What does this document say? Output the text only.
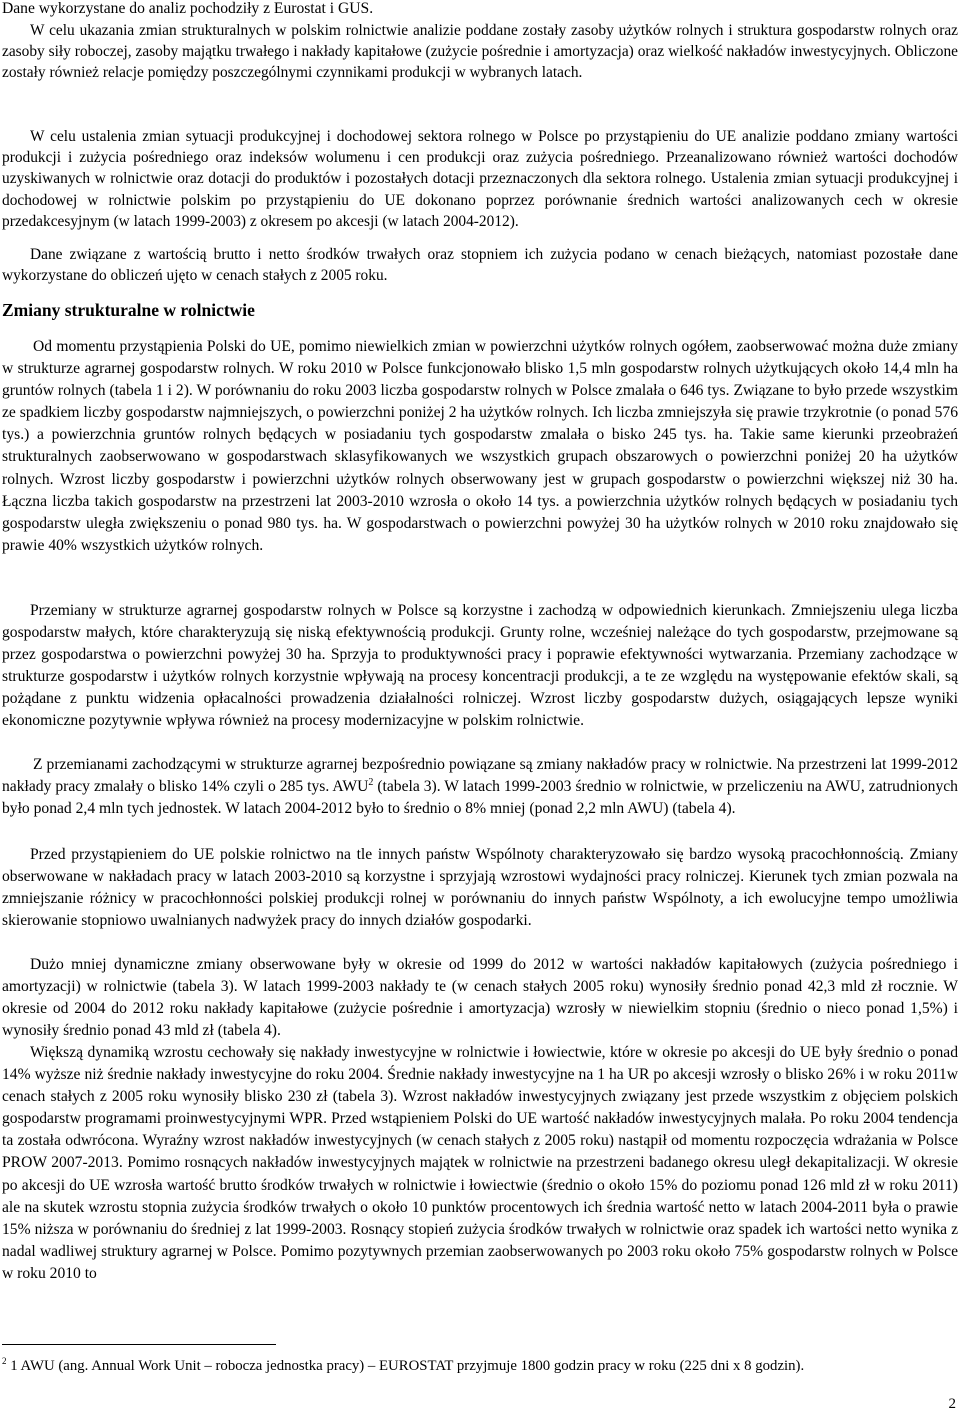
Dane wykorzystane do analiz pochodziły z Eurostat i GUS.

W celu ukazania zmian strukturalnych w polskim rolnictwie analizie poddane zostały zasoby użytków rolnych i struktura gospodarstw rolnych oraz zasoby siły roboczej, zasoby majątku trwałego i nakłady kapitałowe (zużycie pośrednie i amortyzacja) oraz wielkość nakładów inwestycyjnych. Obliczone zostały również relacje pomiędzy poszczególnymi czynnikami produkcji w wybranych latach.

W celu ustalenia zmian sytuacji produkcyjnej i dochodowej sektora rolnego w Polsce po przystąpieniu do UE analizie poddano zmiany wartości produkcji i zużycia pośredniego oraz indeksów wolumenu i cen produkcji oraz zużycia pośredniego. Przeanalizowano również wartości dochodów uzyskiwanych w rolnictwie oraz dotacji do produktów i pozostałych dotacji przeznaczonych dla sektora rolnego. Ustalenia zmian sytuacji produkcyjnej i dochodowej w rolnictwie polskim po przystąpieniu do UE dokonano poprzez porównanie średnich wartości analizowanych cech w okresie przedakcesyjnym (w latach 1999-2003) z okresem po akcesji (w latach 2004-2012).

Dane związane z wartością brutto i netto środków trwałych oraz stopniem ich zużycia podano w cenach bieżących, natomiast pozostałe dane wykorzystane do obliczeń ujęto w cenach stałych z 2005 roku.

Zmiany strukturalne w rolnictwie

Od momentu przystąpienia Polski do UE, pomimo niewielkich zmian w powierzchni użytków rolnych ogółem, zaobserwować można duże zmiany w strukturze agrarnej gospodarstw rolnych. W roku 2010 w Polsce funkcjonowało blisko 1,5 mln gospodarstw rolnych użytkujących około 14,4 mln ha gruntów rolnych (tabela 1 i 2). W porównaniu do roku 2003 liczba gospodarstw rolnych w Polsce zmalała o 646 tys. Związane to było przede wszystkim ze spadkiem liczby gospodarstw najmniejszych, o powierzchni poniżej 2 ha użytków rolnych. Ich liczba zmniejszyła się prawie trzykrotnie (o ponad 576 tys.) a powierzchnia gruntów rolnych będących w posiadaniu tych gospodarstw zmalała o bisko 245 tys. ha. Takie same kierunki przeobrażeń strukturalnych zaobserwowano w gospodarstwach sklasyfikowanych we wszystkich grupach obszarowych o powierzchni poniżej 20 ha użytków rolnych. Wzrost liczby gospodarstw i powierzchni użytków rolnych obserwowany jest w grupach gospodarstw o powierzchni większej niż 30 ha. Łączna liczba takich gospodarstw na przestrzeni lat 2003-2010 wzrosła o około 14 tys. a powierzchnia użytków rolnych będących w posiadaniu tych gospodarstw uległa zwiększeniu o ponad 980 tys. ha. W gospodarstwach o powierzchni powyżej 30 ha użytków rolnych w 2010 roku znajdowało się prawie 40% wszystkich użytków rolnych.

Przemiany w strukturze agrarnej gospodarstw rolnych w Polsce są korzystne i zachodzą w odpowiednich kierunkach. Zmniejszeniu ulega liczba gospodarstw małych, które charakteryzują się niską efektywnością produkcji. Grunty rolne, wcześniej należące do tych gospodarstw, przejmowane są przez gospodarstwa o powierzchni powyżej 30 ha. Sprzyja to produktywności pracy i poprawie efektywności wytwarzania. Przemiany zachodzące w strukturze gospodarstw i użytków rolnych korzystnie wpływają na procesy koncentracji produkcji, a te ze względu na występowanie efektów skali, są pożądane z punktu widzenia opłacalności prowadzenia działalności rolniczej. Wzrost liczby gospodarstw dużych, osiągających lepsze wyniki ekonomiczne pozytywnie wpływa również na procesy modernizacyjne w polskim rolnictwie.

Z przemianami zachodzącymi w strukturze agrarnej bezpośrednio powiązane są zmiany nakładów pracy w rolnictwie. Na przestrzeni lat 1999-2012 nakłady pracy zmalały o blisko 14% czyli o 285 tys. AWU$^2$ (tabela 3). W latach 1999-2003 średnio w rolnictwie, w przeliczeniu na AWU, zatrudnionych było ponad 2,4 mln tych jednostek. W latach 2004-2012 było to średnio o 8% mniej (ponad 2,2 mln AWU) (tabela 4).

Przed przystąpieniem do UE polskie rolnictwo na tle innych państw Wspólnoty charakteryzowało się bardzo wysoką pracochłonnością. Zmiany obserwowane w nakładach pracy w latach 2003-2010 są korzystne i sprzyjają wzrostowi wydajności pracy rolniczej. Kierunek tych zmian pozwala na zmniejszanie różnicy w pracochłonności polskiej produkcji rolnej w porównaniu do innych państw Wspólnoty, a ich ewolucyjne tempo umożliwia skierowanie stopniowo uwalnianych nadwyżek pracy do innych działów gospodarki.

Dużo mniej dynamiczne zmiany obserwowane były w okresie od 1999 do 2012 w wartości nakładów kapitałowych (zużycia pośredniego i amortyzacji) w rolnictwie (tabela 3). W latach 1999-2003 nakłady te (w cenach stałych 2005 roku) wynosiły średnio ponad 42,3 mld zł rocznie. W okresie od 2004 do 2012 roku nakłady kapitałowe (zużycie pośrednie i amortyzacja) wzrosły w niewielkim stopniu (średnio o nieco ponad 1,5%) i wynosiły średnio ponad 43 mld zł (tabela 4).

Większą dynamiką wzrostu cechowały się nakłady inwestycyjne w rolnictwie i łowiectwie, które w okresie po akcesji do UE były średnio o ponad 14% wyższe niż średnie nakłady inwestycyjne do roku 2004. Średnie nakłady inwestycyjne na 1 ha UR po akcesji wzrosły o blisko 26% i w roku 2011w cenach stałych z 2005 roku wynosiły blisko 230 zł (tabela 3). Wzrost nakładów inwestycyjnych związany jest przede wszystkim z objęciem polskich gospodarstw programami proinwestycyjnymi WPR. Przed wstąpieniem Polski do UE wartość nakładów inwestycyjnych malała. Po roku 2004 tendencja ta została odwrócona. Wyraźny wzrost nakładów inwestycyjnych (w cenach stałych z 2005 roku) nastąpił od momentu rozpoczęcia wdrażania w Polsce PROW 2007-2013. Pomimo rosnących nakładów inwestycyjnych majątek w rolnictwie na przestrzeni badanego okresu uległ dekapitalizacji. W okresie po akcesji do UE wzrosła wartość brutto środków trwałych w rolnictwie i łowiectwie (średnio o około 15% do poziomu ponad 126 mld zł w roku 2011) ale na skutek wzrostu stopnia zużycia środków trwałych o około 10 punktów procentowych ich średnia wartość netto w latach 2004-2011 była o prawie 15% niższa w porównaniu do średniej z lat 1999-2003. Rosnący stopień zużycia środków trwałych w rolnictwie oraz spadek ich wartości netto wynika z nadal wadliwej struktury agrarnej w Polsce. Pomimo pozytywnych przemian zaobserwowanych po 2003 roku około 75% gospodarstw rolnych w Polsce w roku 2010 to

$^2$ 1 AWU (ang. Annual Work Unit – robocza jednostka pracy) – EUROSTAT przyjmuje 1800 godzin pracy w roku (225 dni x 8 godzin).

2
